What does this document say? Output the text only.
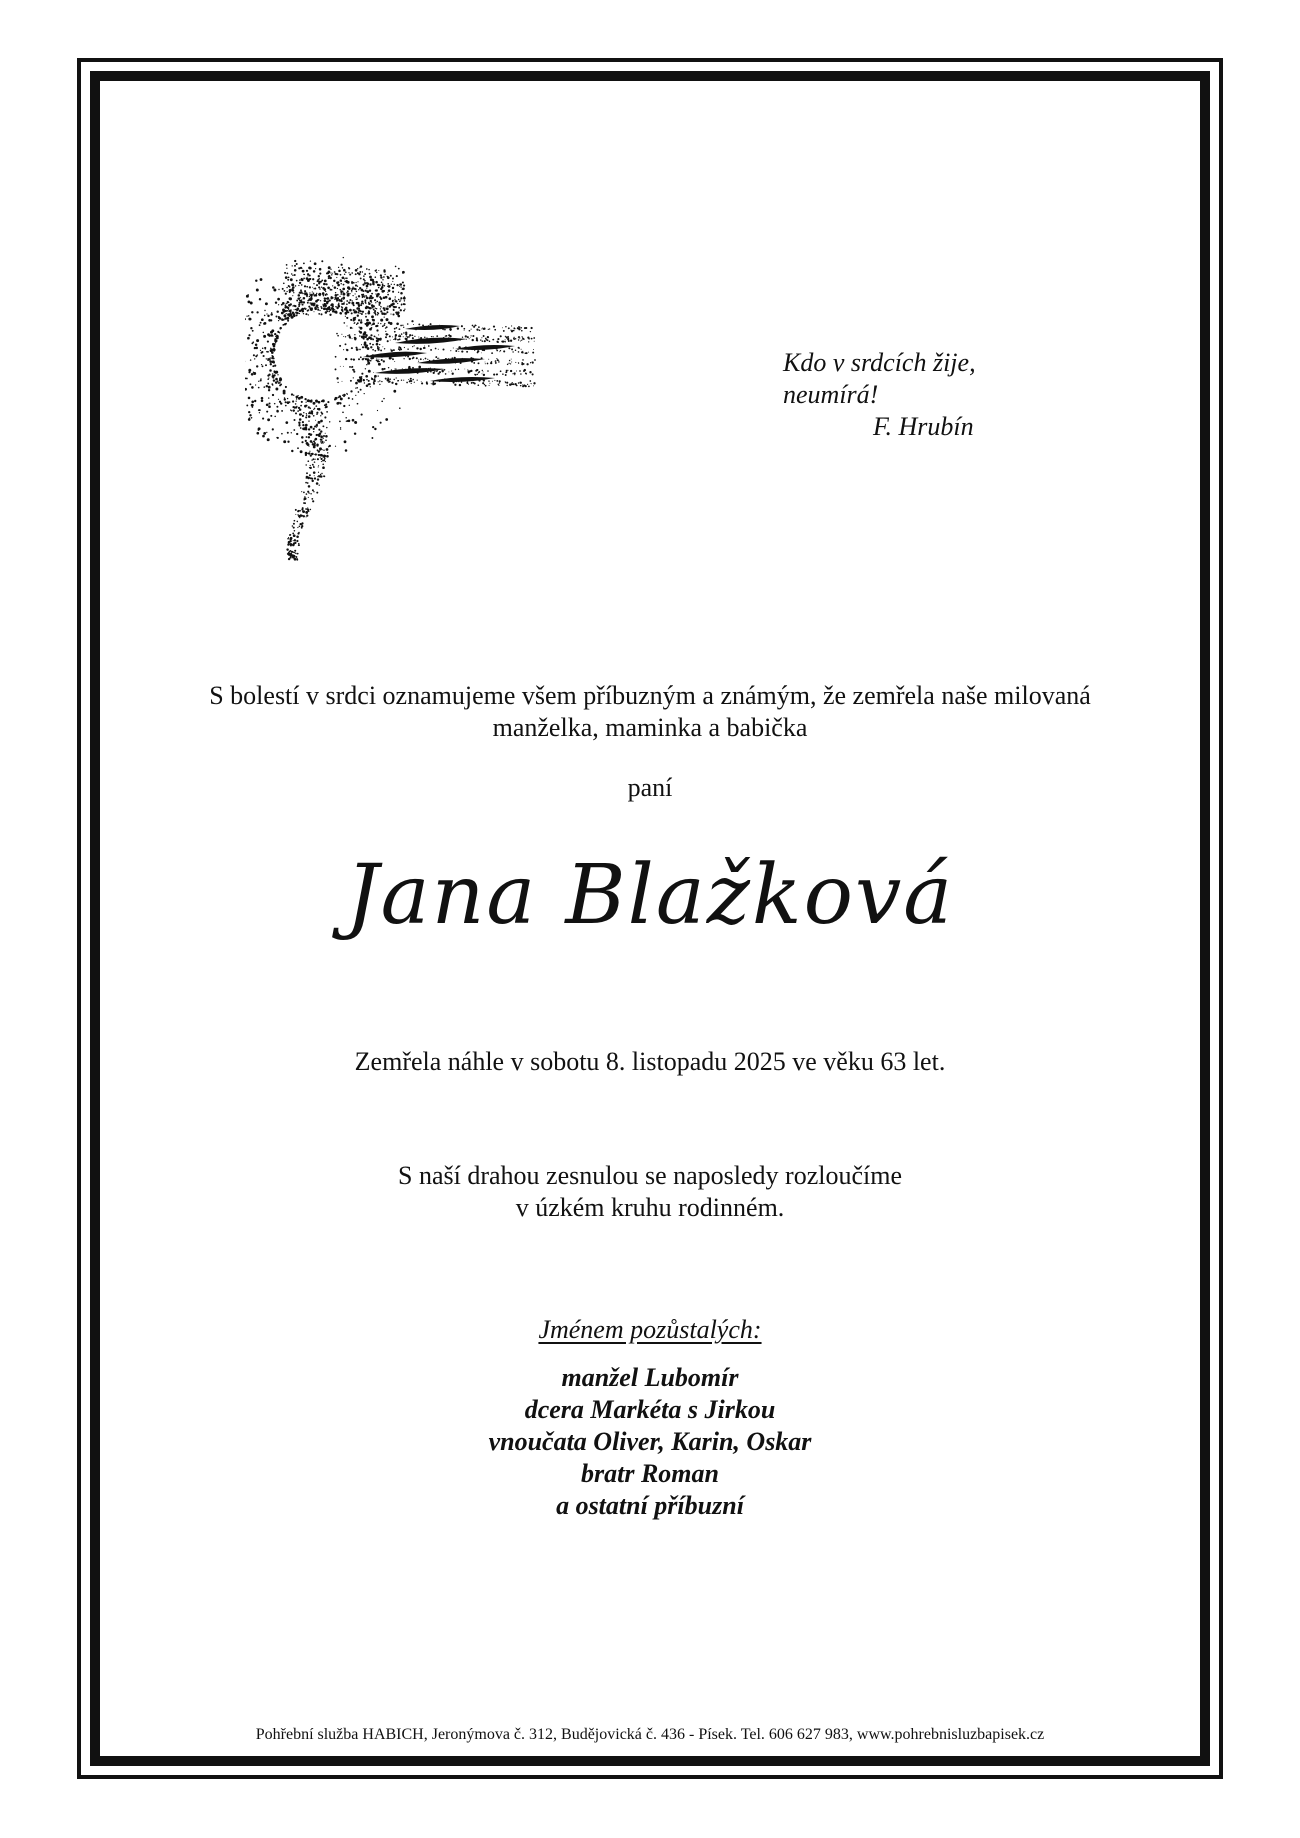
Kdo v srdcích žije,
neumírá!
F. Hrubín
S bolestí v srdci oznamujeme všem příbuzným a známým, že zemřela naše milovaná
manželka, maminka a babička
paní
Jana Blažková
Zemřela náhle v sobotu 8. listopadu 2025 ve věku 63 let.
S naší drahou zesnulou se naposledy rozloučíme
v úzkém kruhu rodinném.
Jménem pozůstalých:
manžel Lubomír
dcera Markéta s Jirkou
vnoučata Oliver, Karin, Oskar
bratr Roman
a ostatní příbuzní
Pohřební služba HABICH, Jeronýmova č. 312, Budějovická č. 436 - Písek. Tel. 606 627 983, www.pohrebnisluzbapisek.cz
